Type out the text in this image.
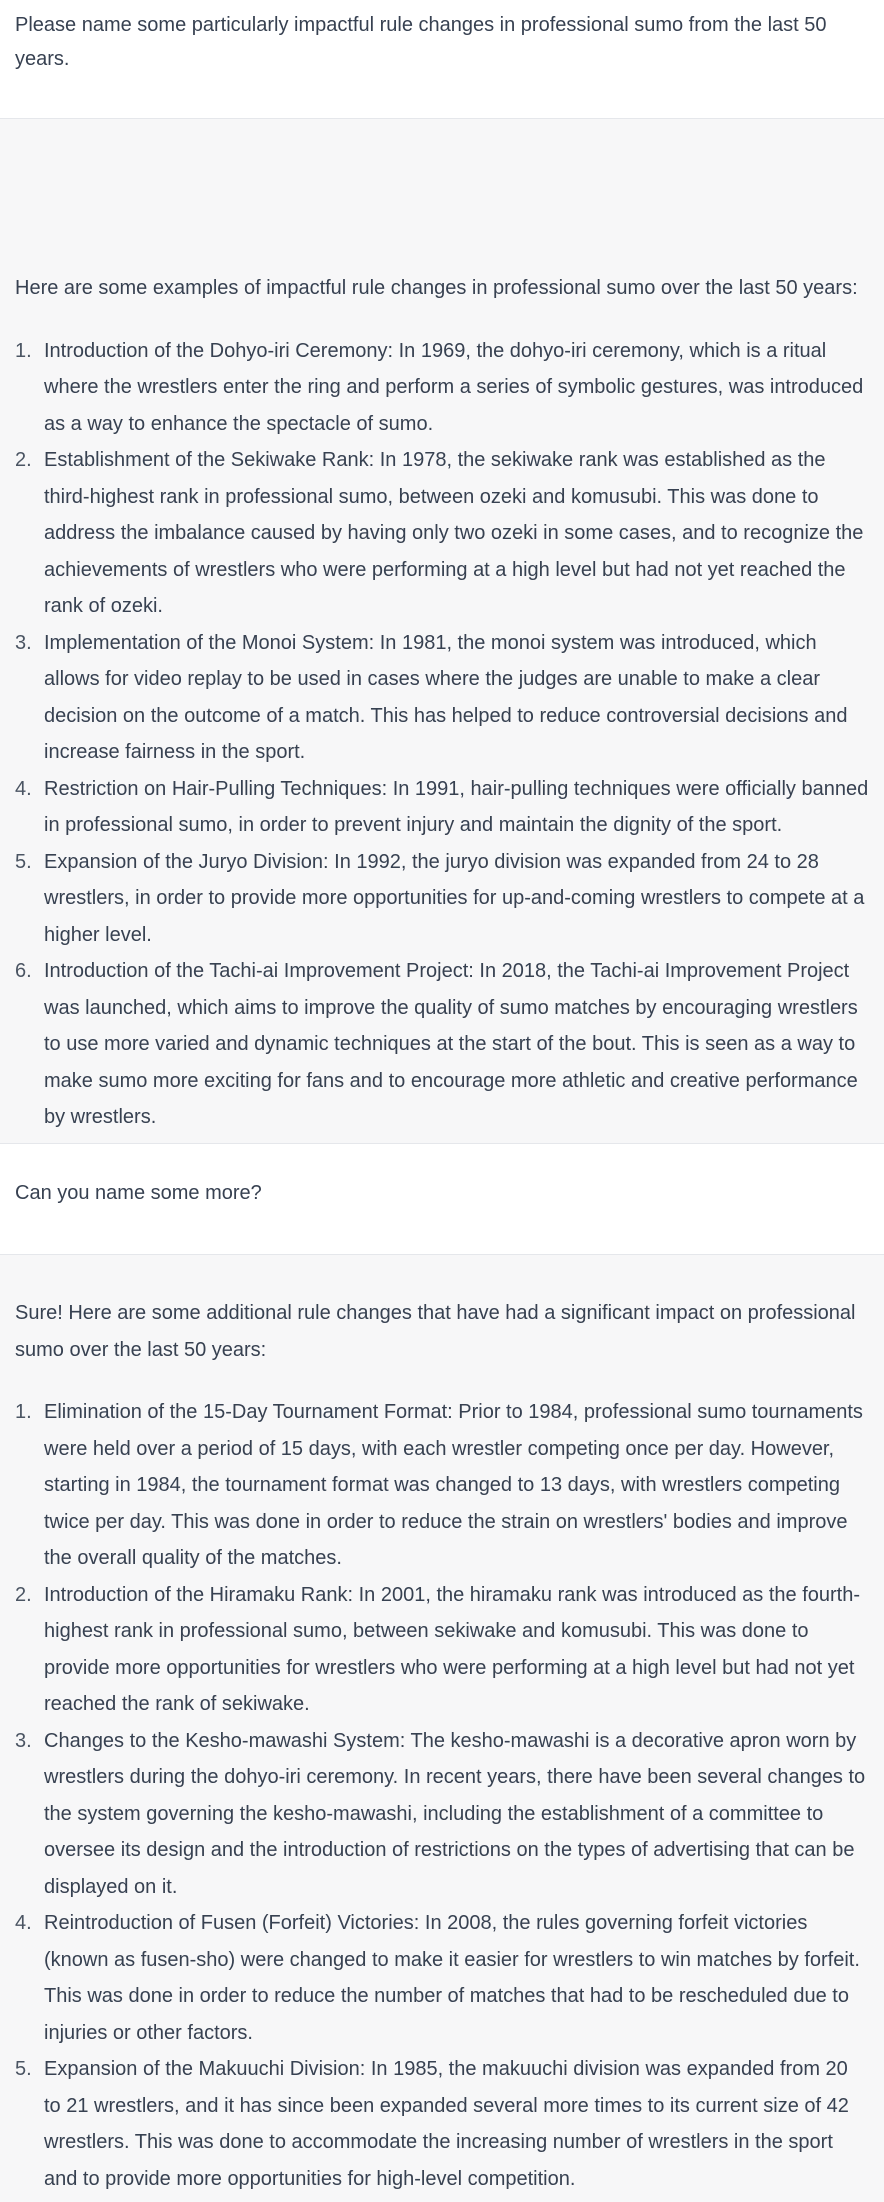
Please name some particularly impactful rule changes in professional sumo from the last 50 years.

Here are some examples of impactful rule changes in professional sumo over the last 50 years:

1. Introduction of the Dohyo-iri Ceremony: In 1969, the dohyo-iri ceremony, which is a ritual where the wrestlers enter the ring and perform a series of symbolic gestures, was introduced as a way to enhance the spectacle of sumo.
2. Establishment of the Sekiwake Rank: In 1978, the sekiwake rank was established as the third-highest rank in professional sumo, between ozeki and komusubi. This was done to address the imbalance caused by having only two ozeki in some cases, and to recognize the achievements of wrestlers who were performing at a high level but had not yet reached the rank of ozeki.
3. Implementation of the Monoi System: In 1981, the monoi system was introduced, which allows for video replay to be used in cases where the judges are unable to make a clear decision on the outcome of a match. This has helped to reduce controversial decisions and increase fairness in the sport.
4. Restriction on Hair-Pulling Techniques: In 1991, hair-pulling techniques were officially banned in professional sumo, in order to prevent injury and maintain the dignity of the sport.
5. Expansion of the Juryo Division: In 1992, the juryo division was expanded from 24 to 28 wrestlers, in order to provide more opportunities for up-and-coming wrestlers to compete at a higher level.
6. Introduction of the Tachi-ai Improvement Project: In 2018, the Tachi-ai Improvement Project was launched, which aims to improve the quality of sumo matches by encouraging wrestlers to use more varied and dynamic techniques at the start of the bout. This is seen as a way to make sumo more exciting for fans and to encourage more athletic and creative performance by wrestlers.

Can you name some more?

Sure! Here are some additional rule changes that have had a significant impact on professional sumo over the last 50 years:

1. Elimination of the 15-Day Tournament Format: Prior to 1984, professional sumo tournaments were held over a period of 15 days, with each wrestler competing once per day. However, starting in 1984, the tournament format was changed to 13 days, with wrestlers competing twice per day. This was done in order to reduce the strain on wrestlers' bodies and improve the overall quality of the matches.
2. Introduction of the Hiramaku Rank: In 2001, the hiramaku rank was introduced as the fourth-highest rank in professional sumo, between sekiwake and komusubi. This was done to provide more opportunities for wrestlers who were performing at a high level but had not yet reached the rank of sekiwake.
3. Changes to the Kesho-mawashi System: The kesho-mawashi is a decorative apron worn by wrestlers during the dohyo-iri ceremony. In recent years, there have been several changes to the system governing the kesho-mawashi, including the establishment of a committee to oversee its design and the introduction of restrictions on the types of advertising that can be displayed on it.
4. Reintroduction of Fusen (Forfeit) Victories: In 2008, the rules governing forfeit victories (known as fusen-sho) were changed to make it easier for wrestlers to win matches by forfeit. This was done in order to reduce the number of matches that had to be rescheduled due to injuries or other factors.
5. Expansion of the Makuuchi Division: In 1985, the makuuchi division was expanded from 20 to 21 wrestlers, and it has since been expanded several more times to its current size of 42 wrestlers. This was done to accommodate the increasing number of wrestlers in the sport and to provide more opportunities for high-level competition.
